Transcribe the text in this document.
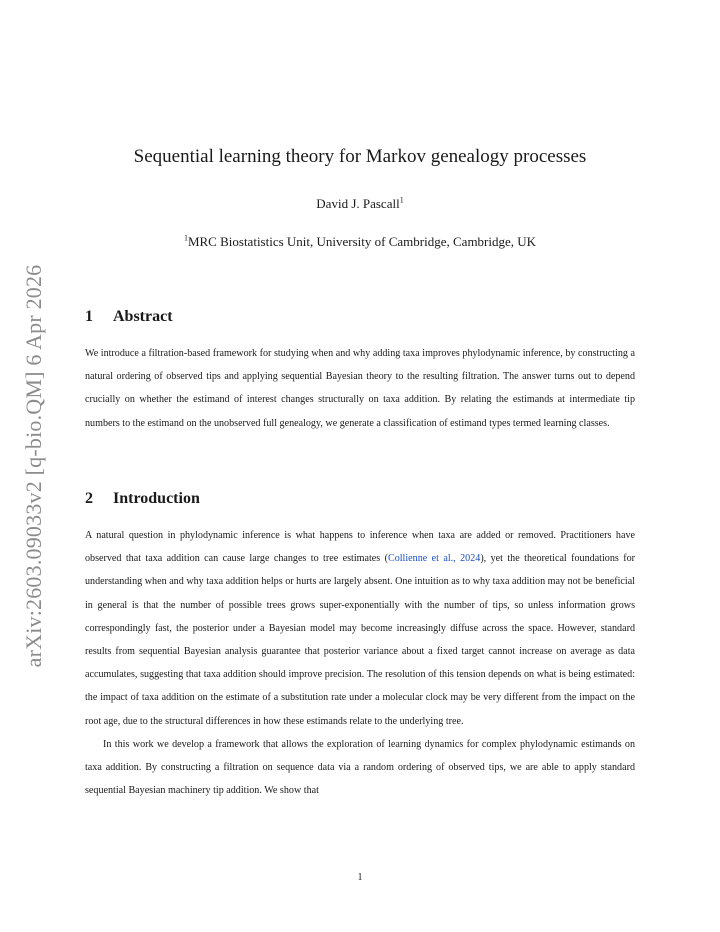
arXiv:2603.09033v2 [q-bio.QM] 6 Apr 2026
Sequential learning theory for Markov genealogy processes
David J. Pascall$^1$
$^1$MRC Biostatistics Unit, University of Cambridge, Cambridge, UK
1 Abstract

We introduce a filtration-based framework for studying when and why adding taxa improves phylodynamic inference, by constructing a natural ordering of observed tips and applying sequential Bayesian theory to the resulting filtration. The answer turns out to depend crucially on whether the estimand of interest changes structurally on taxa addition. By relating the estimands at intermediate tip numbers to the estimand on the unobserved full genealogy, we generate a classification of estimand types termed learning classes.

2 Introduction

A natural question in phylodynamic inference is what happens to inference when taxa are added or removed. Practitioners have observed that taxa addition can cause large changes to tree estimates (Collienne et al., 2024), yet the theoretical foundations for understanding when and why taxa addition helps or hurts are largely absent. One intuition as to why taxa addition may not be beneficial in general is that the number of possible trees grows super-exponentially with the number of tips, so unless information grows correspondingly fast, the posterior under a Bayesian model may become increasingly diffuse across the space. However, standard results from sequential Bayesian analysis guarantee that posterior variance about a fixed target cannot increase on average as data accumulates, suggesting that taxa addition should improve precision. The resolution of this tension depends on what is being estimated: the impact of taxa addition on the estimate of a substitution rate under a molecular clock may be very different from the impact on the root age, due to the structural differences in how these estimands relate to the underlying tree.

In this work we develop a framework that allows the exploration of learning dynamics for complex phylodynamic estimands on taxa addition. By constructing a filtration on sequence data via a random ordering of observed tips, we are able to apply standard sequential Bayesian machinery tip addition. We show that

1
